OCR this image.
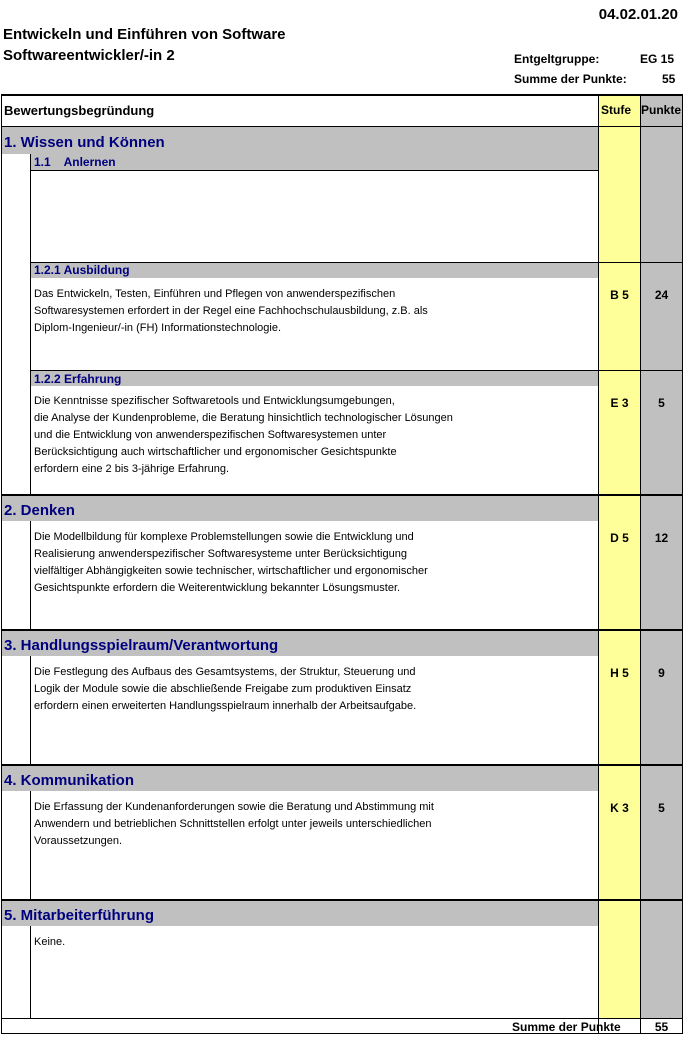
04.02.01.20
Entwickeln und Einführen von Software
Softwareentwickler/-in 2	Entgeltgruppe:	EG 15
Summe der Punkte:	55
Bewertungsbegründung	Stufe Punkte
1. Wissen und Können
1.1    Anlernen
1.2.1 Ausbildung
Das Entwickeln, Testen, Einführen und Pflegen von anwenderspezifischen
Softwaresystemen erfordert in der Regel eine Fachhochschulausbildung, z.B. als
Diplom-Ingenieur/-in (FH) Informationstechnologie.
B 5	24
1.2.2 Erfahrung
Die Kenntnisse spezifischer Softwaretools und Entwicklungsumgebungen,
die Analyse der Kundenprobleme, die Beratung hinsichtlich technologischer Lösungen
und die Entwicklung von anwenderspezifischen Softwaresystemen unter
Berücksichtigung auch wirtschaftlicher und ergonomischer Gesichtspunkte
erfordern eine 2 bis 3-jährige Erfahrung.
E 3	5
2. Denken
Die Modellbildung für komplexe Problemstellungen sowie die Entwicklung und
Realisierung anwenderspezifischer Softwaresysteme unter Berücksichtigung
vielfältiger Abhängigkeiten sowie technischer, wirtschaftlicher und ergonomischer
Gesichtspunkte erfordern die Weiterentwicklung bekannter Lösungsmuster.
D 5	12
3. Handlungsspielraum/Verantwortung
Die Festlegung des Aufbaus des Gesamtsystems, der Struktur, Steuerung und
Logik der Module sowie die abschließende Freigabe zum produktiven Einsatz
erfordern einen erweiterten Handlungsspielraum innerhalb der Arbeitsaufgabe.
H 5	9
4. Kommunikation
Die Erfassung der Kundenanforderungen sowie die Beratung und Abstimmung mit
Anwendern und betrieblichen Schnittstellen erfolgt unter jeweils unterschiedlichen
Voraussetzungen.
K 3	5
5. Mitarbeiterführung
Keine.
Summe der Punkte	55
